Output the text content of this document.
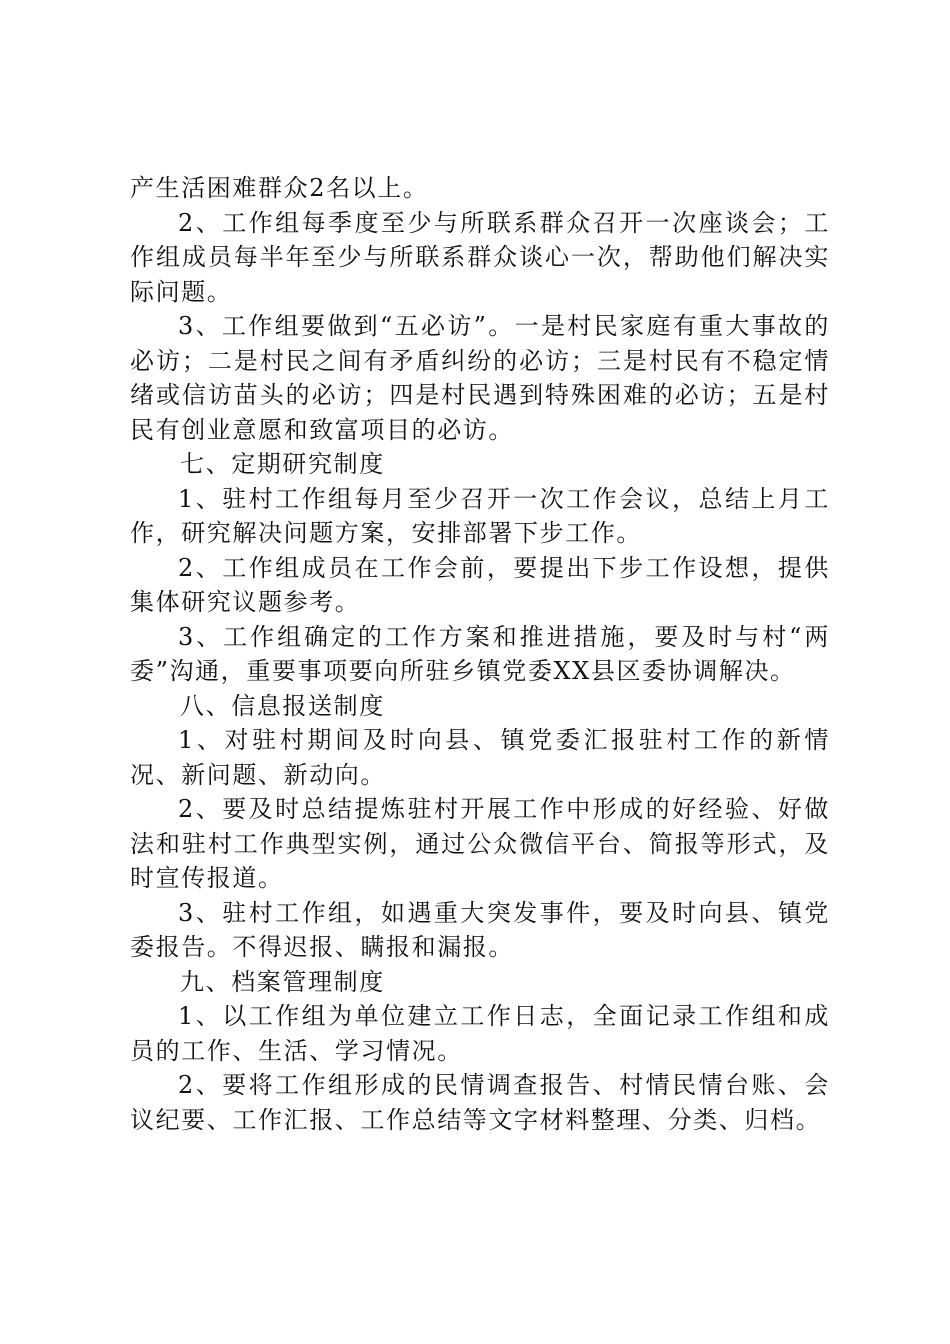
产生活困难群众2名以上。

2、工作组每季度至少与所联系群众召开一次座谈会；工作组成员每半年至少与所联系群众谈心一次，帮助他们解决实际问题。

3、工作组要做到“五必访”。一是村民家庭有重大事故的必访；二是村民之间有矛盾纠纷的必访；三是村民有不稳定情绪或信访苗头的必访；四是村民遇到特殊困难的必访；五是村民有创业意愿和致富项目的必访。

七、定期研究制度

1、驻村工作组每月至少召开一次工作会议，总结上月工作，研究解决问题方案，安排部署下步工作。

2、工作组成员在工作会前，要提出下步工作设想，提供集体研究议题参考。

3、工作组确定的工作方案和推进措施，要及时与村“两委”沟通，重要事项要向所驻乡镇党委XX县区委协调解决。

八、信息报送制度

1、对驻村期间及时向县、镇党委汇报驻村工作的新情况、新问题、新动向。

2、要及时总结提炼驻村开展工作中形成的好经验、好做法和驻村工作典型实例，通过公众微信平台、简报等形式，及时宣传报道。

3、驻村工作组，如遇重大突发事件，要及时向县、镇党委报告。不得迟报、瞒报和漏报。

九、档案管理制度

1、以工作组为单位建立工作日志，全面记录工作组和成员的工作、生活、学习情况。

2、要将工作组形成的民情调查报告、村情民情台账、会议纪要、工作汇报、工作总结等文字材料整理、分类、归档。
